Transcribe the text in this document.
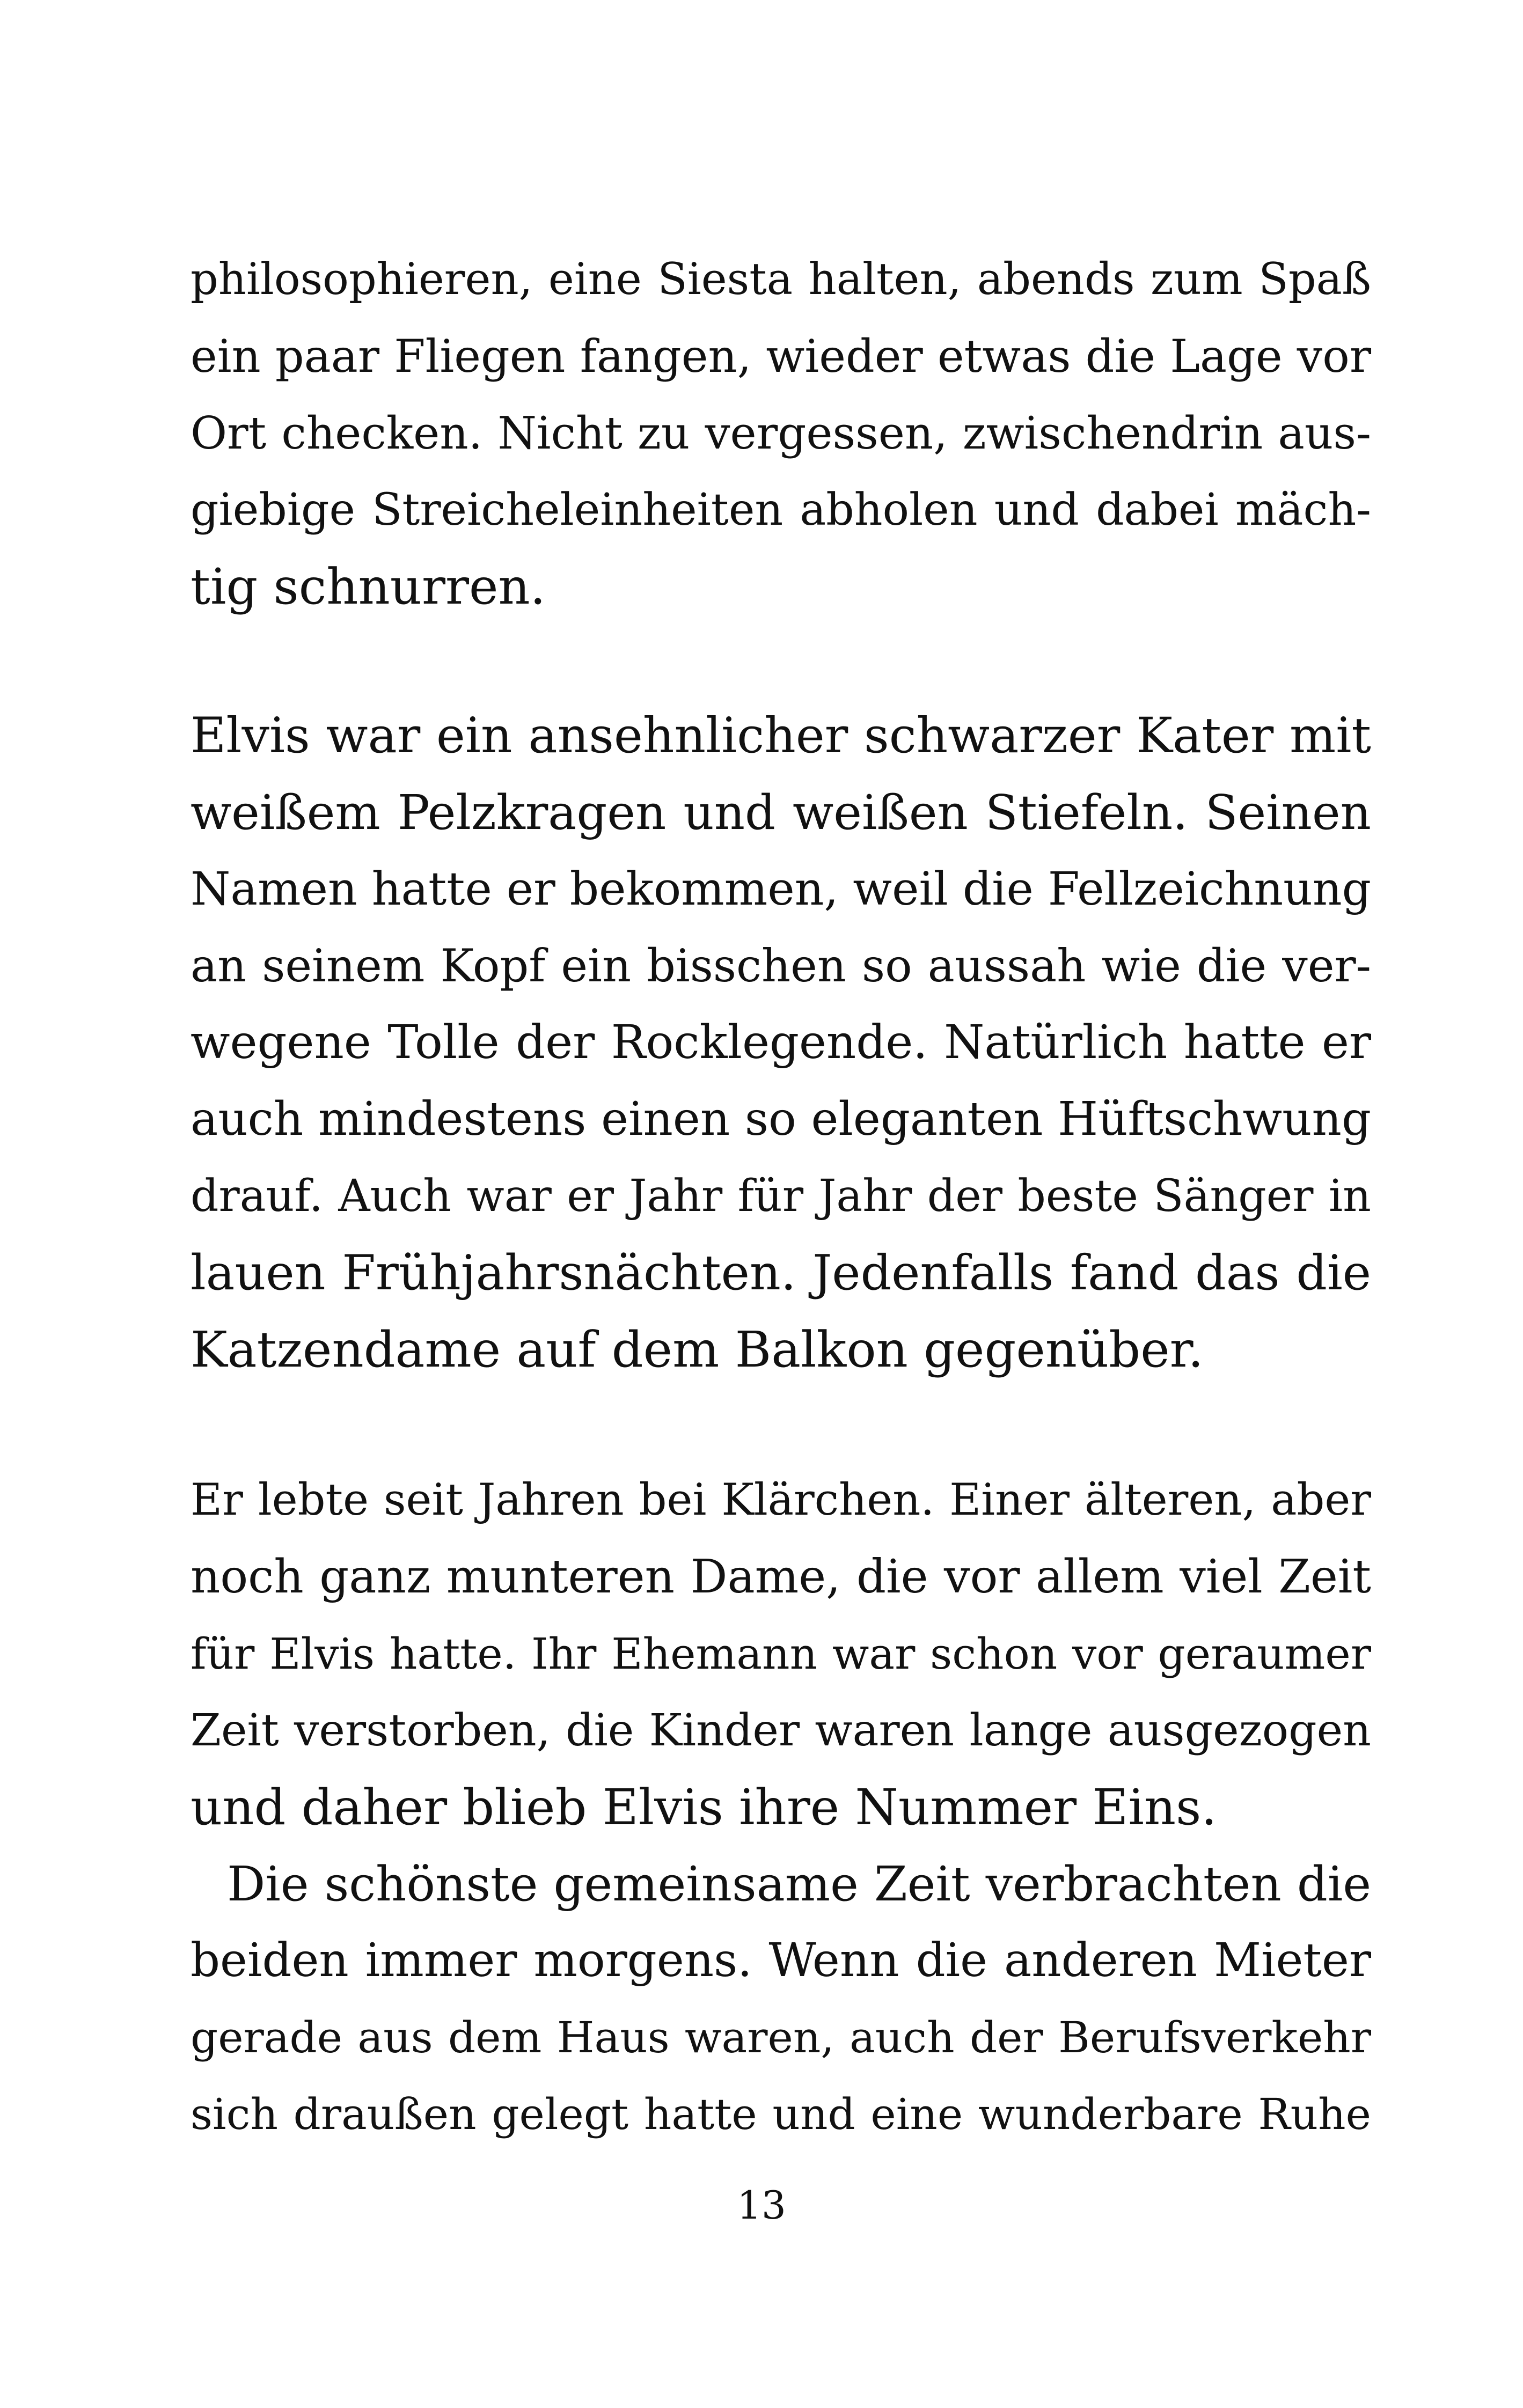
philosophieren, eine Siesta halten, abends zum Spaß
ein paar Fliegen fangen, wieder etwas die Lage vor
Ort checken. Nicht zu vergessen, zwischendrin aus-
giebige Streicheleinheiten abholen und dabei mäch-
tig schnurren.
Elvis war ein ansehnlicher schwarzer Kater mit
weißem Pelzkragen und weißen Stiefeln. Seinen
Namen hatte er bekommen, weil die Fellzeichnung
an seinem Kopf ein bisschen so aussah wie die ver-
wegene Tolle der Rocklegende. Natürlich hatte er
auch mindestens einen so eleganten Hüftschwung
drauf. Auch war er Jahr für Jahr der beste Sänger in
lauen Frühjahrsnächten. Jedenfalls fand das die
Katzendame auf dem Balkon gegenüber.
Er lebte seit Jahren bei Klärchen. Einer älteren, aber
noch ganz munteren Dame, die vor allem viel Zeit
für Elvis hatte. Ihr Ehemann war schon vor geraumer
Zeit verstorben, die Kinder waren lange ausgezogen
und daher blieb Elvis ihre Nummer Eins.
Die schönste gemeinsame Zeit verbrachten die
beiden immer morgens. Wenn die anderen Mieter
gerade aus dem Haus waren, auch der Berufsverkehr
sich draußen gelegt hatte und eine wunderbare Ruhe
13
